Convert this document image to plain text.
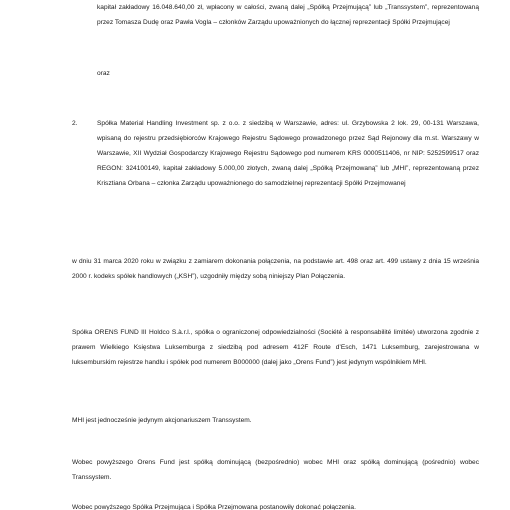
kapitał zakładowy 16.048.640,00 zł, wpłacony w całości, zwaną dalej „Spółką Przejmującą” lub „Transsystem”, reprezentowaną przez Tomasza Dudę oraz Pawła Vogla – członków Zarządu upoważnionych do łącznej reprezentacji Spółki Przejmującej

oraz

2.	Spółka Material Handling Investment sp. z o.o. z siedzibą w Warszawie, adres: ul. Grzybowska 2 lok. 29, 00-131 Warszawa, wpisaną do rejestru przedsiębiorców Krajowego Rejestru Sądowego prowadzonego przez Sąd Rejonowy dla m.st. Warszawy w Warszawie, XII Wydział Gospodarczy Krajowego Rejestru Sądowego pod numerem KRS 0000511406, nr NIP: 5252599517 oraz REGON: 324100149, kapitał zakładowy 5.000,00 złotych, zwaną dalej „Spółką Przejmowaną” lub „MHI”, reprezentowaną przez Krisztiana Orbana – członka Zarządu upoważnionego do samodzielnej reprezentacji Spółki Przejmowanej

w dniu 31 marca 2020 roku w związku z zamiarem dokonania połączenia, na podstawie art. 498 oraz art. 499 ustawy z dnia 15 września 2000 r. kodeks spółek handlowych („KSH”), uzgodniły między sobą niniejszy Plan Połączenia.

Spółka ORENS FUND III Holdco S.à.r.l., spółka o ograniczonej odpowiedzialności (Société à responsabilité limitée) utworzona zgodnie z prawem Wielkiego Księstwa Luksemburga z siedzibą pod adresem 412F Route d’Esch, 1471 Luksemburg, zarejestrowana w luksemburskim rejestrze handlu i spółek pod numerem B000000 (dalej jako „Orens Fund”) jest jedynym wspólnikiem MHI.

MHI jest jednocześnie jedynym akcjonariuszem Transsystem.

Wobec powyższego Orens Fund jest spółką dominującą (bezpośrednio) wobec MHI oraz spółką dominującą (pośrednio) wobec Transsystem.

Wobec powyższego Spółka Przejmująca i Spółka Przejmowana postanowiły dokonać połączenia.
